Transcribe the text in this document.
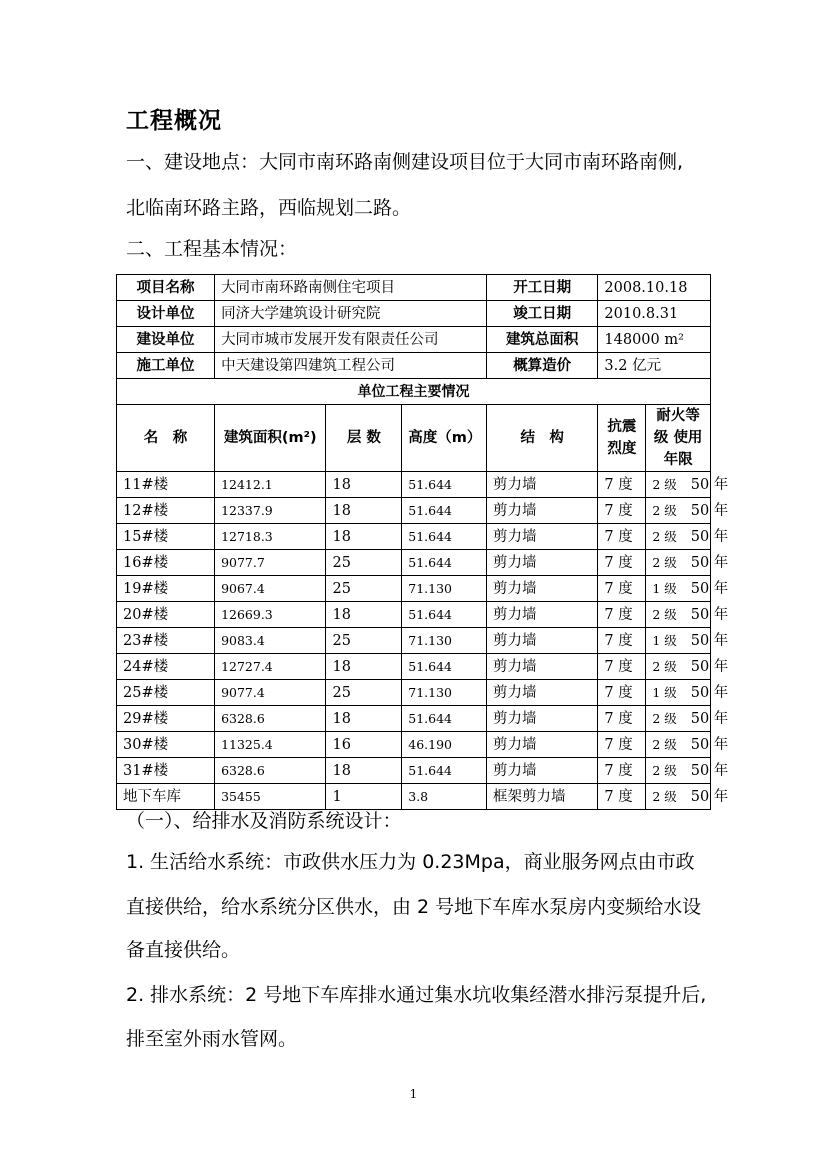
工程概况
一、建设地点：大同市南环路南侧建设项目位于大同市南环路南侧,
北临南环路主路，西临规划二路。
二、工程基本情况：
项目名称	大同市南环路南侧住宅项目			开工日期	2008.10.18	
设计单位	同济大学建筑设计研究院			竣工日期	2010.8.31	
建设单位	大同市城市发展开发有限责任公司			建筑总面积	148000 m²	
施工单位	中天建设第四建筑工程公司			概算造价	3.2 亿元	
单位工程主要情况						
名　称	建筑面积(m²)	层 数	高度（m）	结　构	抗震烈度	耐火等级 使用年限
11#楼	12412.1	18	51.644	剪力墙	7 度	2 级 50 年
12#楼	12337.9	18	51.644	剪力墙	7 度	2 级 50 年
15#楼	12718.3	18	51.644	剪力墙	7 度	2 级 50 年
16#楼	9077.7	25	51.644	剪力墙	7 度	2 级 50 年
19#楼	9067.4	25	71.130	剪力墙	7 度	1 级 50 年
20#楼	12669.3	18	51.644	剪力墙	7 度	2 级 50 年
23#楼	9083.4	25	71.130	剪力墙	7 度	1 级 50 年
24#楼	12727.4	18	51.644	剪力墙	7 度	2 级 50 年
25#楼	9077.4	25	71.130	剪力墙	7 度	1 级 50 年
29#楼	6328.6	18	51.644	剪力墙	7 度	2 级 50 年
30#楼	11325.4	16	46.190	剪力墙	7 度	2 级 50 年
31#楼	6328.6	18	51.644	剪力墙	7 度	2 级 50 年
地下车库	35455	1	3.8	框架剪力墙	7 度	2 级 50 年
（一）、给排水及消防系统设计：
1. 生活给水系统：市政供水压力为 0.23Mpa，商业服务网点由市政
直接供给，给水系统分区供水，由 2 号地下车库水泵房内变频给水设
备直接供给。
2. 排水系统：2 号地下车库排水通过集水坑收集经潜水排污泵提升后,
排至室外雨水管网。
1
